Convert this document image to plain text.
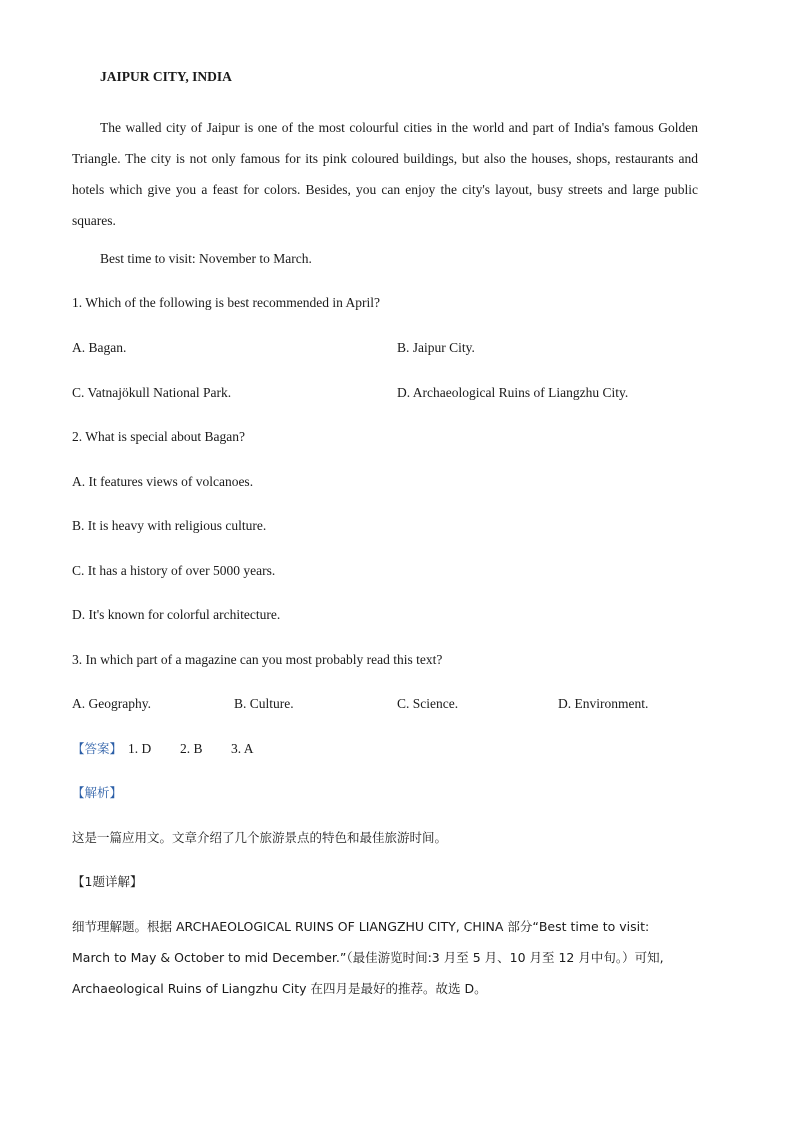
JAIPUR CITY, INDIA
The walled city of Jaipur is one of the most colourful cities in the world and part of India's famous Golden Triangle. The city is not only famous for its pink coloured buildings, but also the houses, shops, restaurants and hotels which give you a feast for colors. Besides, you can enjoy the city's layout, busy streets and large public squares.
Best time to visit: November to March.
1. Which of the following is best recommended in April?
A. Bagan.	B. Jaipur City.
C. Vatnajökull National Park.	D. Archaeological Ruins of Liangzhu City.
2. What is special about Bagan?
A. It features views of volcanoes.
B. It is heavy with religious culture.
C. It has a history of over 5000 years.
D. It's known for colorful architecture.
3. In which part of a magazine can you most probably read this text?
A. Geography.	B. Culture.	C. Science.	D. Environment.
【答案】 1. D 2. B 3. A
【解析】
这是一篇应用文。文章介绍了几个旅游景点的特色和最佳旅游时间。
【1题详解】
细节理解题。根据 ARCHAEOLOGICAL RUINS OF LIANGZHU CITY, CHINA 部分“Best time to visit:
March to May & October to mid December.”（最佳游览时间:3 月至 5 月、10 月至 12 月中旬。）可知,
Archaeological Ruins of Liangzhu City 在四月是最好的推荐。故选 D。
